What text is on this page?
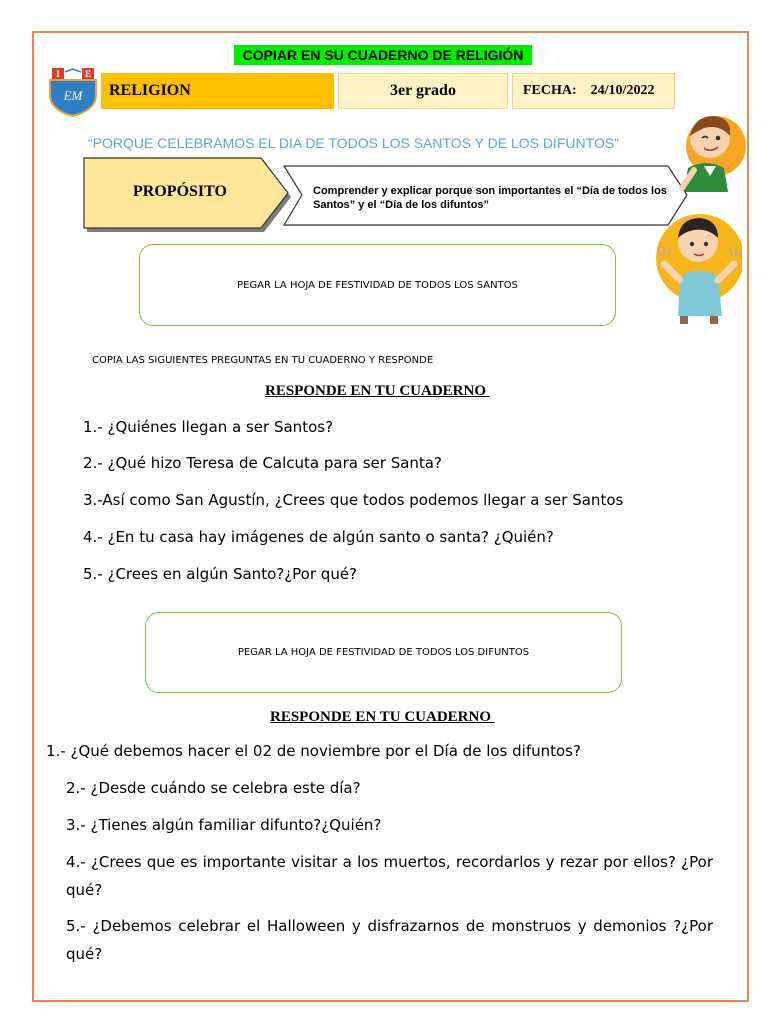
COPIAR EN SU CUADERNO DE RELIGIÓN
I	E
EM RELIGION	3er grado	FECHA: 24/10/2022
“PORQUE CELEBRAMOS EL DIA DE TODOS LOS SANTOS Y DE LOS DIFUNTOS”
PROPÓSITO	Comprender y explicar porque son importantes el “Día de todos los Santos” y el “Día de los difuntos”
PEGAR LA HOJA DE FESTIVIDAD DE TODOS LOS SANTOS
COPIA LAS SIGUIENTES PREGUNTAS EN TU CUADERNO Y RESPONDE
RESPONDE EN TU CUADERNO
1.- ¿Quiénes llegan a ser Santos?
2.- ¿Qué hizo Teresa de Calcuta para ser Santa?
3.-Así como San Agustín, ¿Crees que todos podemos llegar a ser Santos
4.- ¿En tu casa hay imágenes de algún santo o santa? ¿Quién?
5.- ¿Crees en algún Santo?¿Por qué?
PEGAR LA HOJA DE FESTIVIDAD DE TODOS LOS DIFUNTOS
RESPONDE EN TU CUADERNO
1.- ¿Qué debemos hacer el 02 de noviembre por el Día de los difuntos?
2.- ¿Desde cuándo se celebra este día?
3.- ¿Tienes algún familiar difunto?¿Quién?
4.- ¿Crees que es importante visitar a los muertos, recordarlos y rezar por ellos? ¿Por qué?
5.- ¿Debemos celebrar el Halloween y disfrazarnos de monstruos y demonios ?¿Por qué?
